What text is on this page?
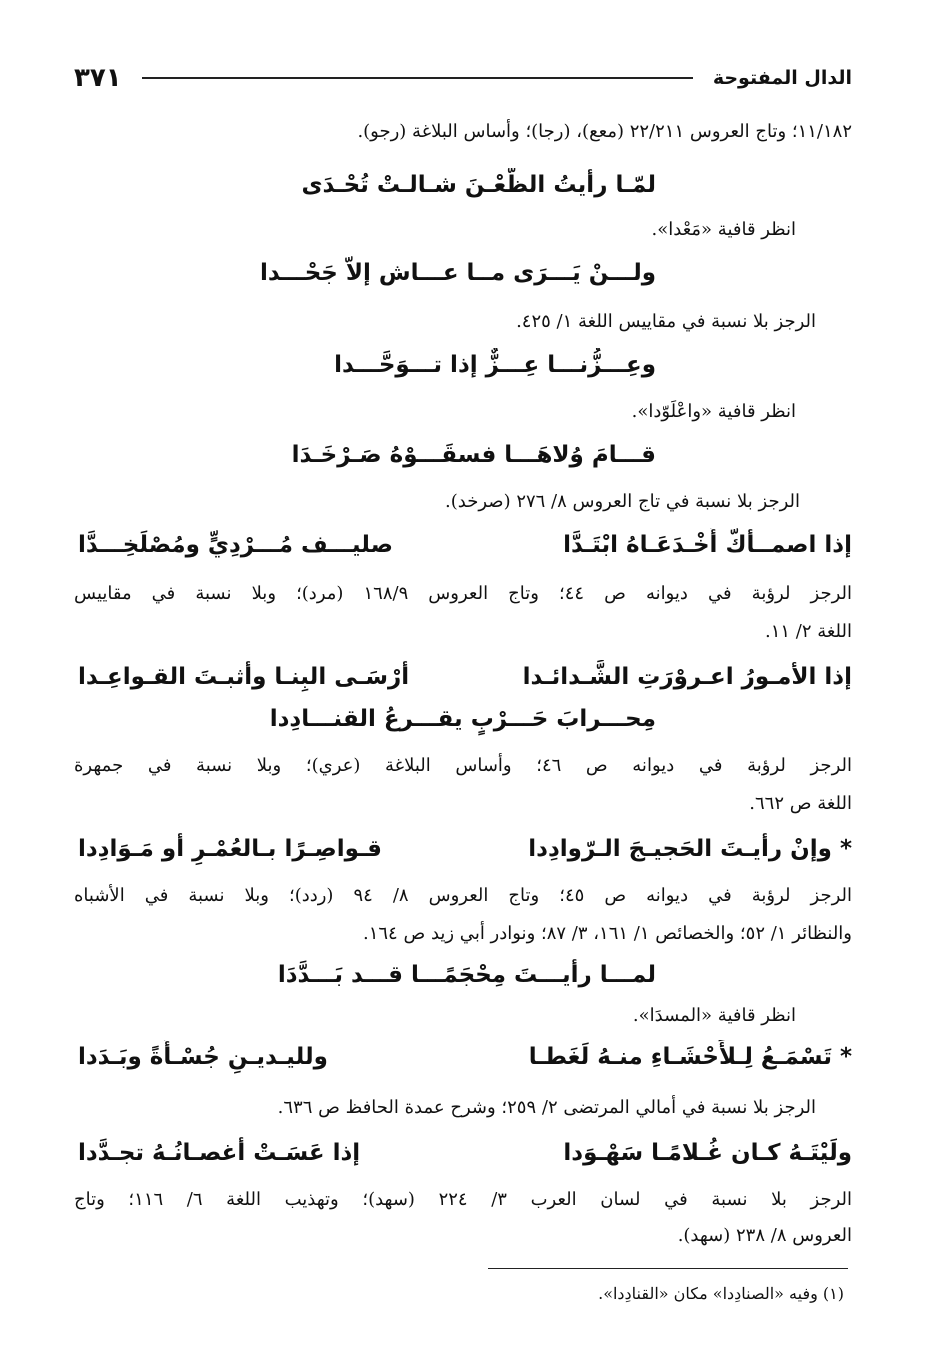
الدال المفتوحة
٣٧١
١١/١٨٢؛ وتاج العروس ٢٢/٢١١ (معع)، (رجا)؛ وأساس البلاغة (رجو).
لمّـا رأيتُ الظُّعْـنَ شـالـتْ تُحْـدَى
انظر قافية «مَعْدا».
ولـــنْ يَـــرَى مــا عـــاش إلاّ جَحْـــدا
الرجز بلا نسبة في مقاييس اللغة ١/ ٤٢٥.
وعِـــزُّنـــا عِـــزٌّ إذا تـــوَحَّـــدا
انظر قافية «واعْلَوّدا».
قـــامَ وُلاهَـــا فسقَـــوْهُ صَـرْخَـدَا
الرجز بلا نسبة في تاج العروس ٨/ ٢٧٦ (صرخد).
إذا اصمــأكَّ أَخْـدَعَـاهُ ابْتَـدَّا
صليـــف مُـــرْدِيٍّ ومُصْلَخِـــدَّا
الرجز لرؤبة في ديوانه ص ٤٤؛ وتاج العروس ١٦٨/٩ (مرد)؛ وبلا نسبة في مقاييس
اللغة ٢/ ١١.
إذا الأمـورُ اعـروْرَتِ الشَّـدائـدا
أرْسَـى البِنـا وأثبـتَ القـواعِـدا
مِحـــرابَ حَـــرْبٍ يقـــرعُ القنـــادِدا
الرجز لرؤبة في ديوانه ص ٤٦؛ وأساس البلاغة (عري)؛ وبلا نسبة في جمهرة
اللغة ص ٦٦٢.
* وإنْ رأيـتَ الحَجيـجَ الـرّوادِدا
قـواصِـرًا بـالعُمْـرِ أو مَـوَادِدا
الرجز لرؤبة في ديوانه ص ٤٥؛ وتاج العروس ٨/ ٩٤ (ردد)؛ وبلا نسبة في الأشباه
والنظائر ١/ ٥٢؛ والخصائص ١/ ١٦١، ٣/ ٨٧؛ ونوادر أبي زيد ص ١٦٤.
لمـــا رأيـــتَ مِحْجَمًـــا قـــد بَـــدَّدَا
انظر قافية «المسدَا».
* تَسْمَـعُ لِـلأَحْشَـاءِ منـهُ لَغَطـا
ولليـديـنِ جُسْـأَةً وبَـدَدا
الرجز بلا نسبة في أمالي المرتضى ٢/ ٢٥٩؛ وشرح عمدة الحافظ ص ٦٣٦.
ولَيْتَـهُ كـان غُـلامًـا سَهْـوَدا
إذا عَسَـتْ أغصـانُـهُ تجـدَّدا
الرجز بلا نسبة في لسان العرب ٣/ ٢٢٤ (سهد)؛ وتهذيب اللغة ٦/ ١١٦؛ وتاج
العروس ٨/ ٢٣٨ (سهد).
(١) وفيه «الصنادِدا» مكان «القنادِدا».
